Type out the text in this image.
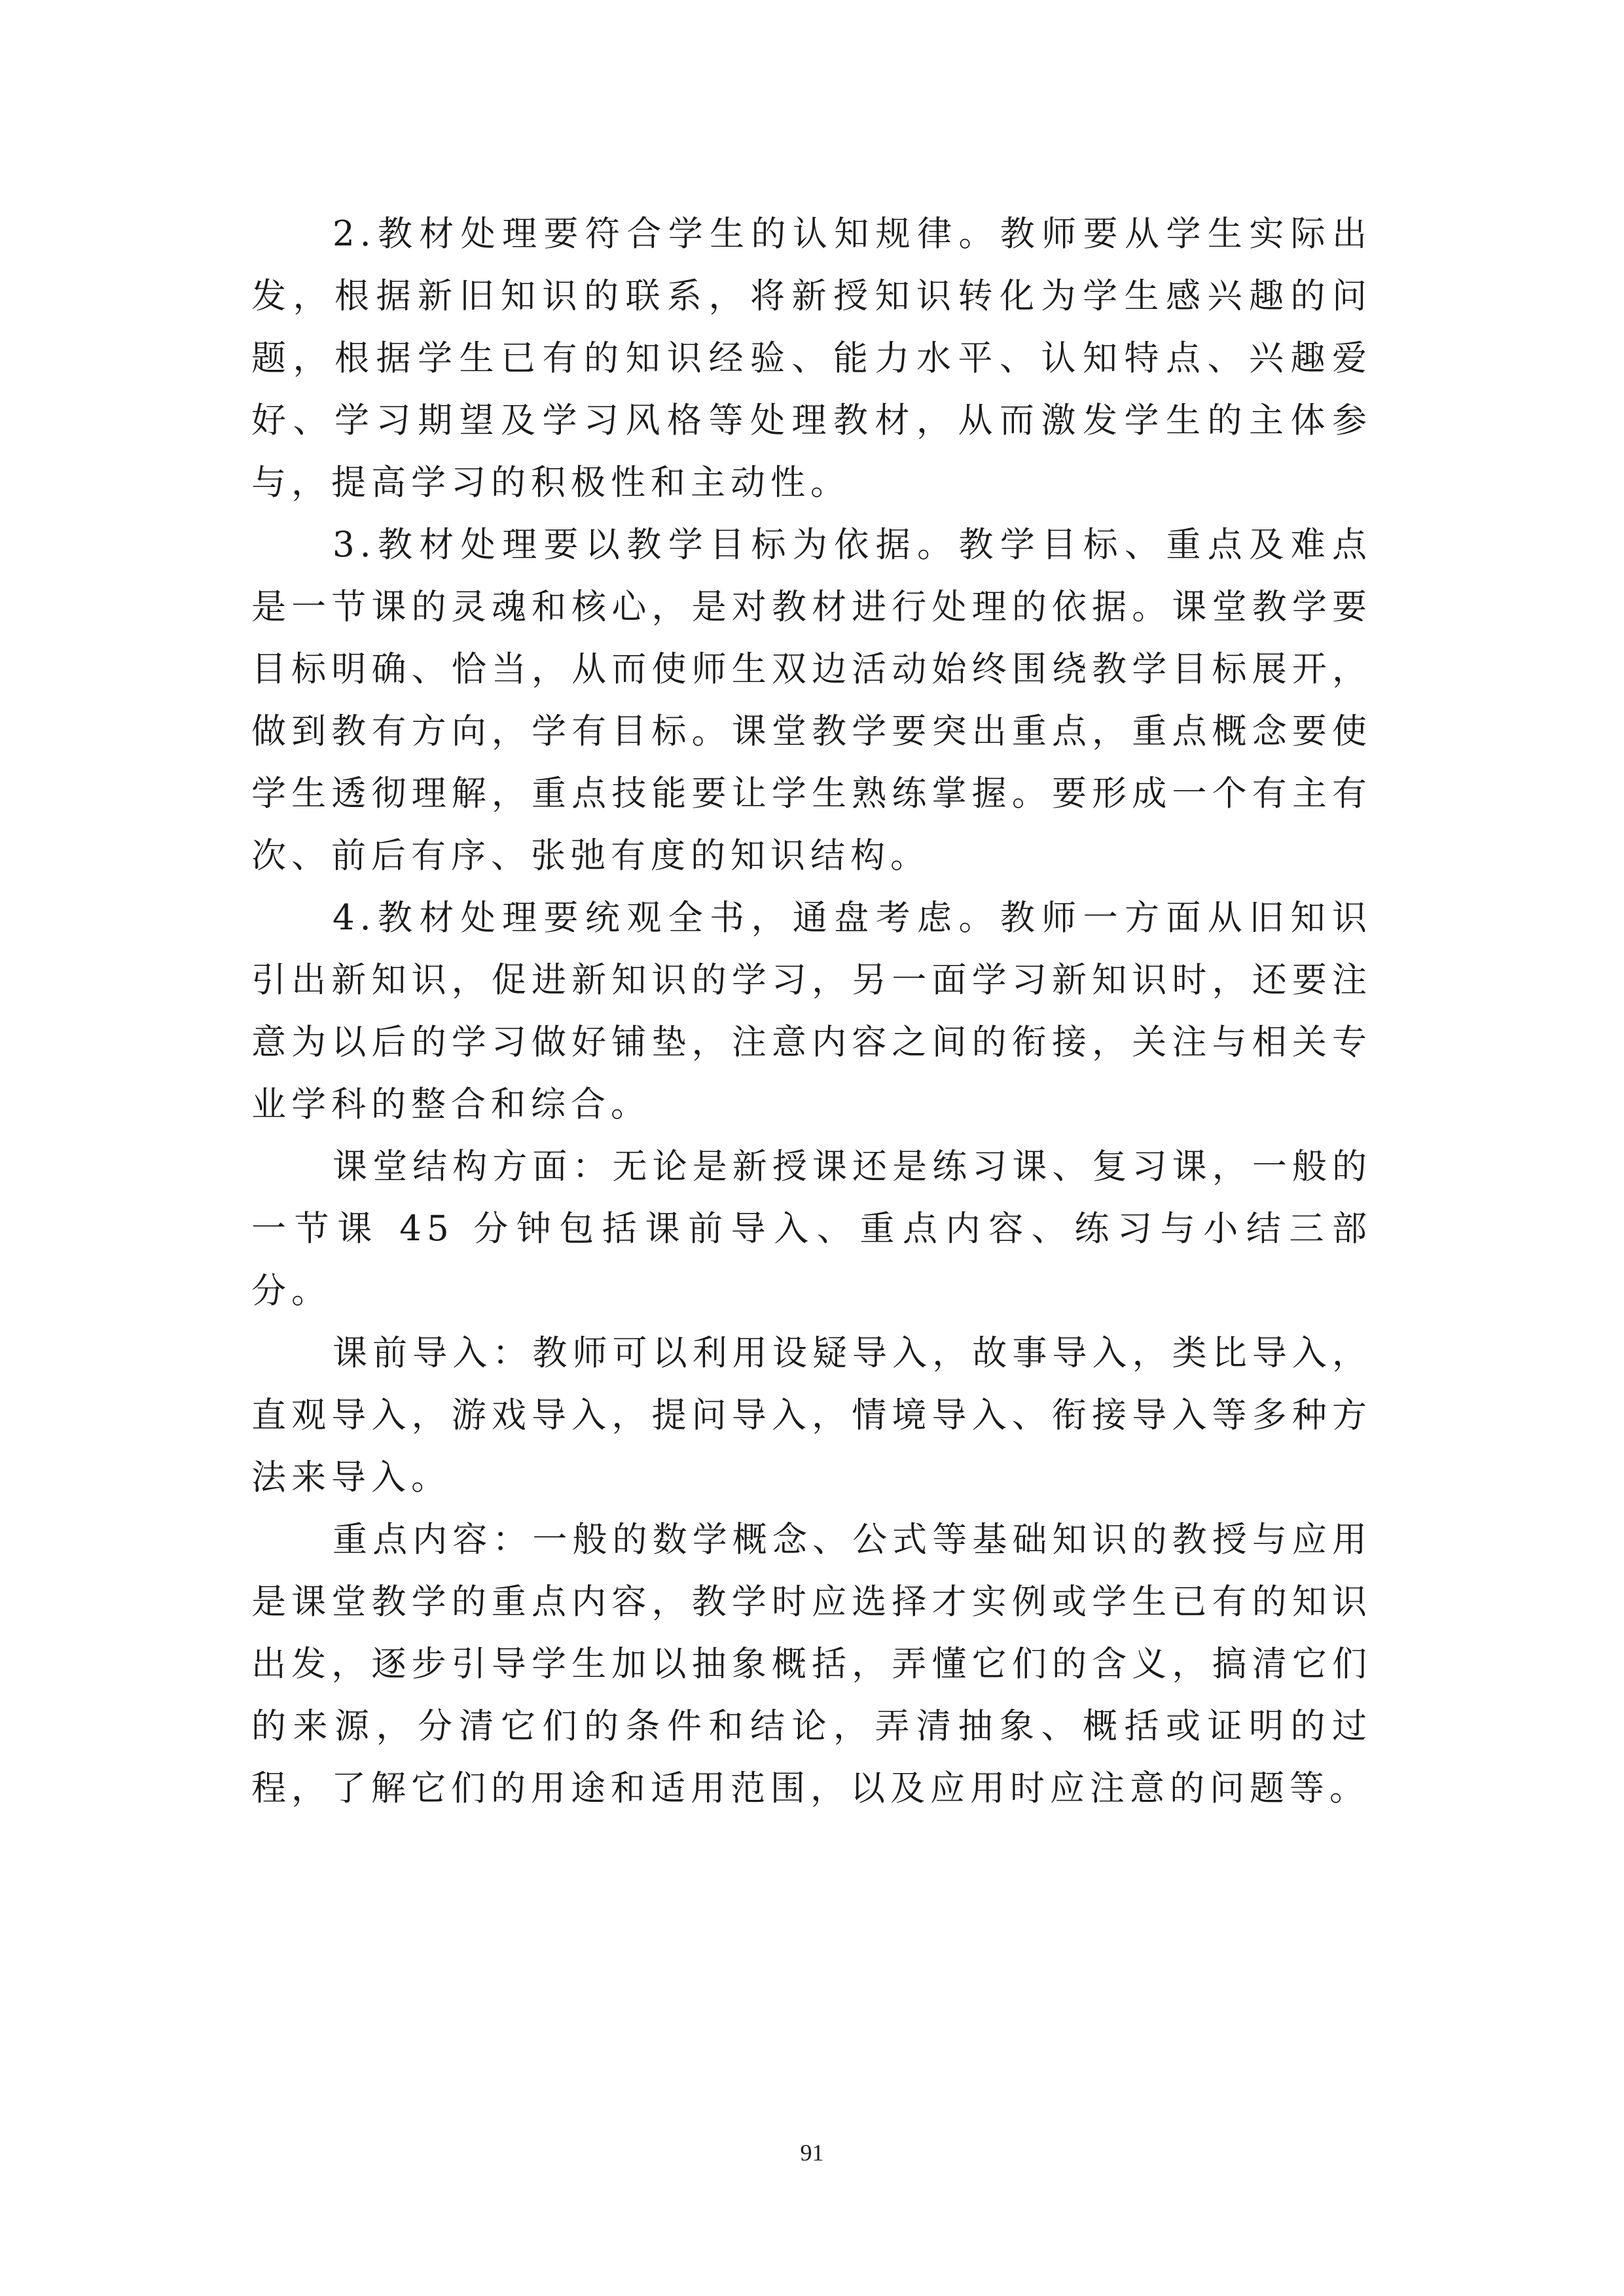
2.教材处理要符合学生的认知规律。教师要从学生实际出发，根据新旧知识的联系，将新授知识转化为学生感兴趣的问题，根据学生已有的知识经验、能力水平、认知特点、兴趣爱好、学习期望及学习风格等处理教材，从而激发学生的主体参与，提高学习的积极性和主动性。

3.教材处理要以教学目标为依据。教学目标、重点及难点是一节课的灵魂和核心，是对教材进行处理的依据。课堂教学要目标明确、恰当，从而使师生双边活动始终围绕教学目标展开，做到教有方向，学有目标。课堂教学要突出重点，重点概念要使学生透彻理解，重点技能要让学生熟练掌握。要形成一个有主有次、前后有序、张弛有度的知识结构。

4.教材处理要统观全书，通盘考虑。教师一方面从旧知识引出新知识，促进新知识的学习，另一面学习新知识时，还要注意为以后的学习做好铺垫，注意内容之间的衔接，关注与相关专业学科的整合和综合。

课堂结构方面：无论是新授课还是练习课、复习课，一般的一节课 45 分钟包括课前导入、重点内容、练习与小结三部分。

课前导入：教师可以利用设疑导入，故事导入，类比导入，直观导入，游戏导入，提问导入，情境导入、衔接导入等多种方法来导入。

重点内容：一般的数学概念、公式等基础知识的教授与应用是课堂教学的重点内容，教学时应选择才实例或学生已有的知识出发，逐步引导学生加以抽象概括，弄懂它们的含义，搞清它们的来源，分清它们的条件和结论，弄清抽象、概括或证明的过程，了解它们的用途和适用范围，以及应用时应注意的问题等。

91
